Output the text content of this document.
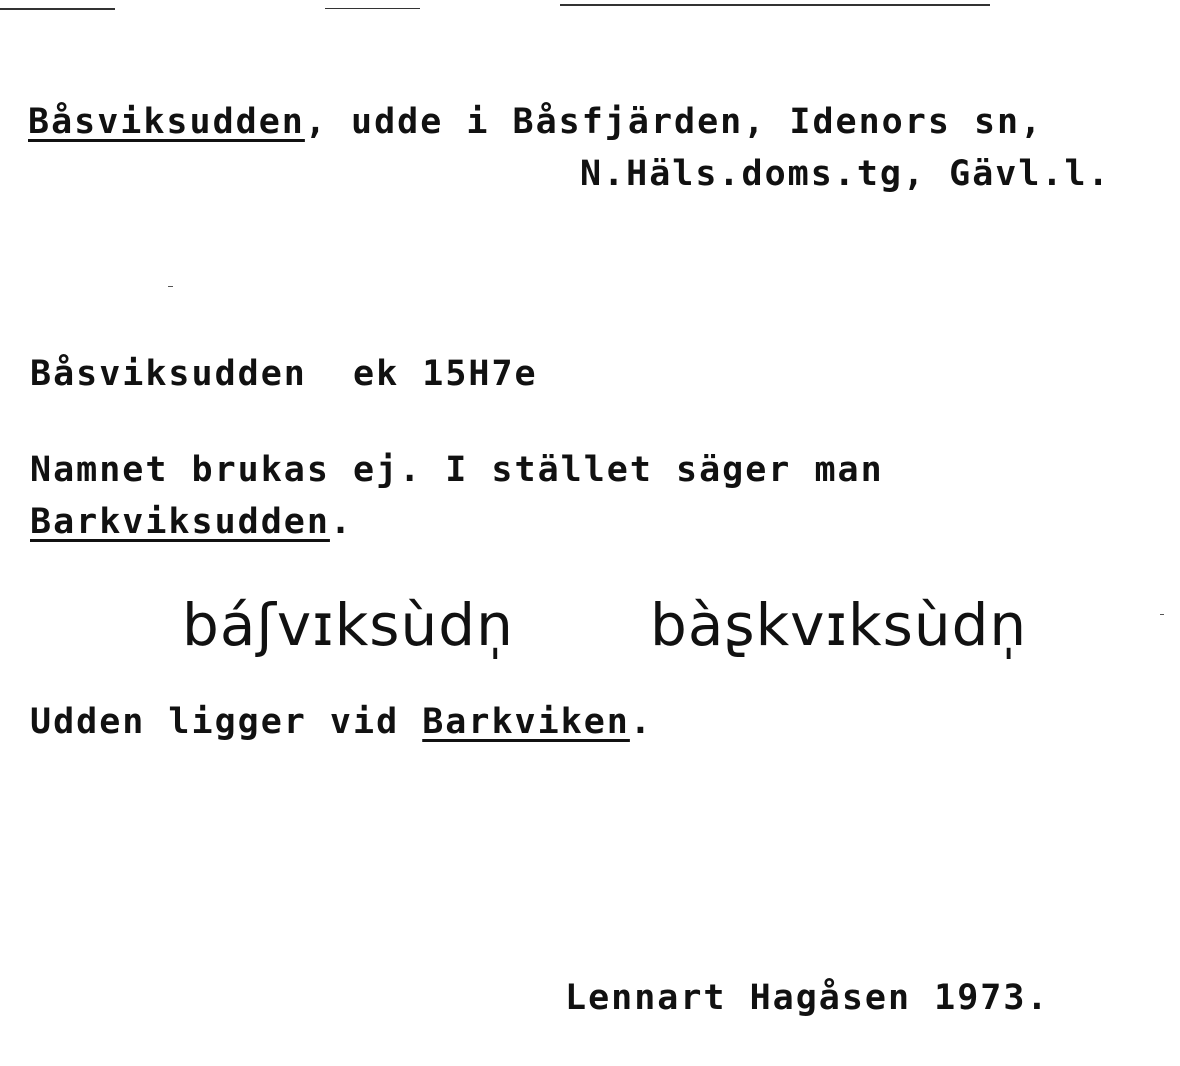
Båsviksudden, udde i Båsfjärden, Idenors sn,
N.Häls.doms.tg, Gävl.l.
Båsviksudden ek 15H7e
Namnet brukas ej. I stället säger man
Barkviksudden.
báʃvɪksùdn̩ bàʂkvɪksùdn̩
Udden ligger vid Barkviken.
Lennart Hagåsen 1973.
